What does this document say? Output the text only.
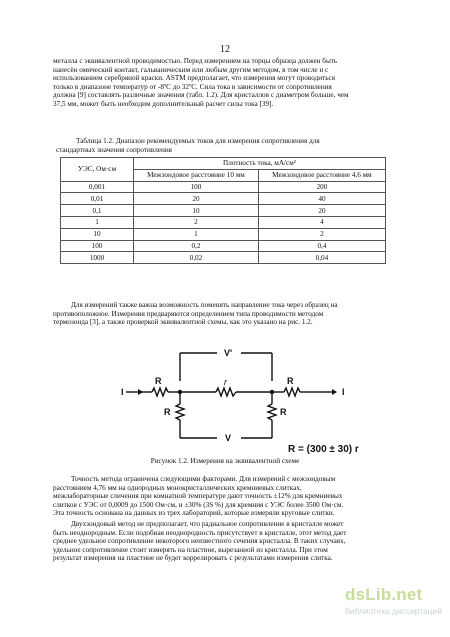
12

металла с эквивалентной проводимостью. Перед измерением на торцы образца должен быть
нанесён омический контакт, гальваническим или любым другим методом, в том числе и с
использованием серебряной краски. ASTM предполагает, что измерения могут проводиться
только в диапазоне температур от -8ºC до 32ºC. Сила тока в зависимости от сопротивления
должна [9] составлять различные значения (табл. 1.2). Для кристаллов с диаметром больше, чем
37,5 мм, может быть необходим дополнительный расчет силы тока [39].

Таблица 1.2. Диапазон рекомендуемых токов для измерения сопротивления для
стандартных значения сопротивления
УЭС, Ом·см	Плотность тока, мА/см²	
	Межзондовое расстояние 10 мм	Межзондовое расстояние 4,6 мм
0,001	100	200
0,01	20	40
0,1	10	20
1	2	4
10	1	2
100	0,2	0,4
1000	0,02	0,04

Для измерений также важна возможность поменять направление тока через образец на
противоположное. Измерения предваряются определением типа проводимости методом
термозонда [3], а также проверкой эквивалентной схемы, как это указано на рис. 1.2.

V'
V
I	I
R	r	R
R	R
R = (300 ± 30) r
Рисунок 1.2. Измерения на эквивалентной схеме

Точность метода ограничена следующими факторами. Для измерений с межзондовым
расстоянием 4,76 мм на однородных монокристаллических кремниевых слитках,
межлабораторные сличения при комнатной температуре дают точность ±12% для кремниевых
слитков с УЭС от 0,0009 до 1500 Ом·см, и ±30% (3S %) для кремния с УЭС более 3500 Ом·см.
Эта точность основана на данных из трех лабораторий, которые измеряли круговые слитки.

Двухзондовый метод не предполагает, что радиальное сопротивление в кристалле может
быть неоднородным. Если подобная неоднородность присутствует в кристалле, этот метод дает
среднее удельное сопротивление некоторого неизвестного сечения кристалла. В таких случаях,
удельное сопротивление стоит измерять на пластине, вырезанной из кристалла. При этом
результат измерения на пластине не будет коррелировать с результатами измерения слитка.

dsLib.net
библиотека диссертаций
